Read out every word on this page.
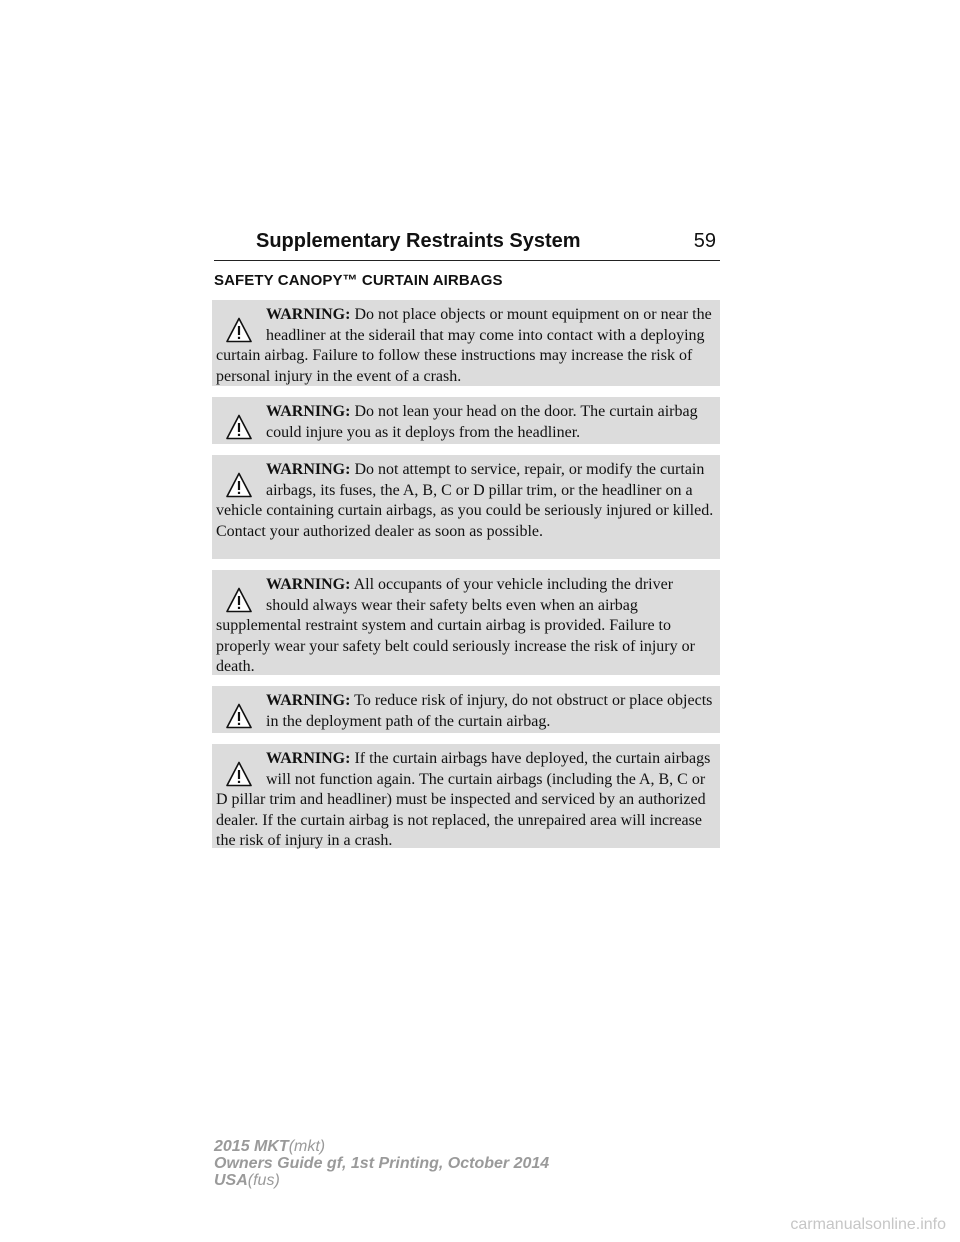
Supplementary Restraints System	59
SAFETY CANOPY™ CURTAIN AIRBAGS
WARNING: Do not place objects or mount equipment on or near the headliner at the siderail that may come into contact with a deploying curtain airbag. Failure to follow these instructions may increase the risk of personal injury in the event of a crash.
WARNING: Do not lean your head on the door. The curtain airbag could injure you as it deploys from the headliner.
WARNING: Do not attempt to service, repair, or modify the curtain airbags, its fuses, the A, B, C or D pillar trim, or the headliner on a vehicle containing curtain airbags, as you could be seriously injured or killed. Contact your authorized dealer as soon as possible.
WARNING: All occupants of your vehicle including the driver should always wear their safety belts even when an airbag supplemental restraint system and curtain airbag is provided. Failure to properly wear your safety belt could seriously increase the risk of injury or death.
WARNING: To reduce risk of injury, do not obstruct or place objects in the deployment path of the curtain airbag.
WARNING: If the curtain airbags have deployed, the curtain airbags will not function again. The curtain airbags (including the A, B, C or D pillar trim and headliner) must be inspected and serviced by an authorized dealer. If the curtain airbag is not replaced, the unrepaired area will increase the risk of injury in a crash.
2015 MKT(mkt)
Owners Guide gf, 1st Printing, October 2014
USA(fus)
carmanualsonline.info
